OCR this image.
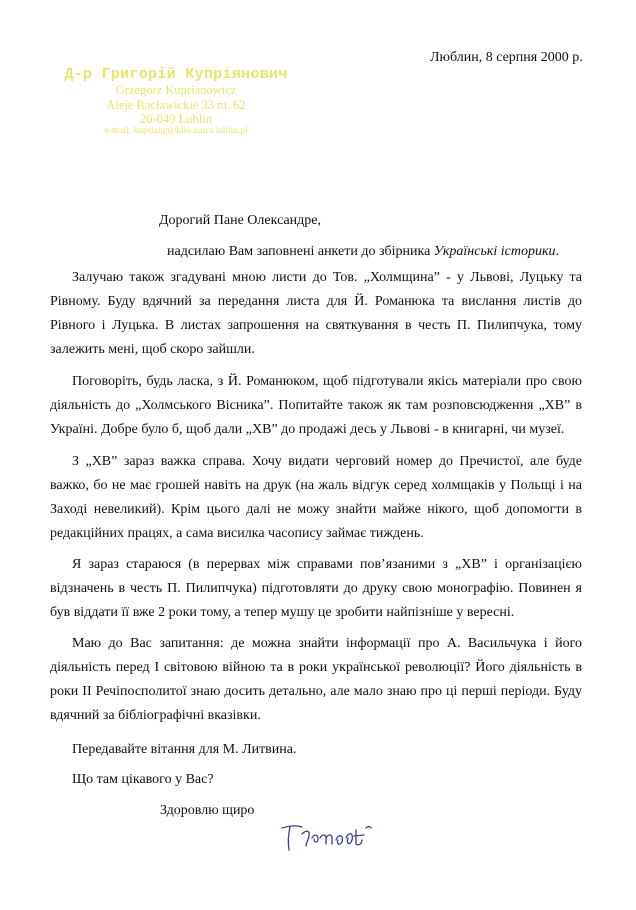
Люблин, 8 серпня 2000 р.
Д-р Григорій Купріянович
Grzegorz Kuprianowicz
Aleje Racławickie 33 m. 62
20-049 Lublin
e-mail: kupriang@klio.umcs.lublin.pl
Дорогий Пане Олександре,
надсилаю Вам заповнені анкети до збірника Українські історики.

Залучаю також згадувані мною листи до Тов. „Холмщина” - у Львові, Луцьку та Рівному. Буду вдячний за передання листа для Й. Романюка та вислання листів до Рівного і Луцька. В листах запрошення на святкування в честь П. Пилипчука, тому залежить мені, щоб скоро зайшли.

Поговоріть, будь ласка, з Й. Романюком, щоб підготували якісь матеріали про свою діяльність до „Холмського Вісника”. Попитайте також як там розповсюдження „ХВ” в Україні. Добре було б, щоб дали „ХВ” до продажі десь у Львові - в книгарні, чи музеї.

З „ХВ” зараз важка справа. Хочу видати черговий номер до Пречистої, але буде важко, бо не має грошей навіть на друк (на жаль відгук серед холмщаків у Польщі і на Заході невеликий). Крім цього далі не можу знайти майже нікого, щоб допомогти в редакційних працях, а сама висилка часопису займає тиждень.

Я зараз стараюся (в перервах між справами пов’язаними з „ХВ” і організацією відзначень в честь П. Пилипчука) підготовляти до друку свою монографію. Повинен я був віддати її вже 2 роки тому, а тепер мушу це зробити найпізніше у вересні.

Маю до Вас запитання: де можна знайти інформації про А. Васильчука і його діяльність перед І світовою війною та в роки української революції? Його діяльність в роки ІІ Речіпосполитої знаю досить детально, але мало знаю про ці перші періоди. Буду вдячний за бібліографічні вказівки.

Передавайте вітання для М. Литвина.
Що там цікавого у Вас?
Здоровлю щиро
